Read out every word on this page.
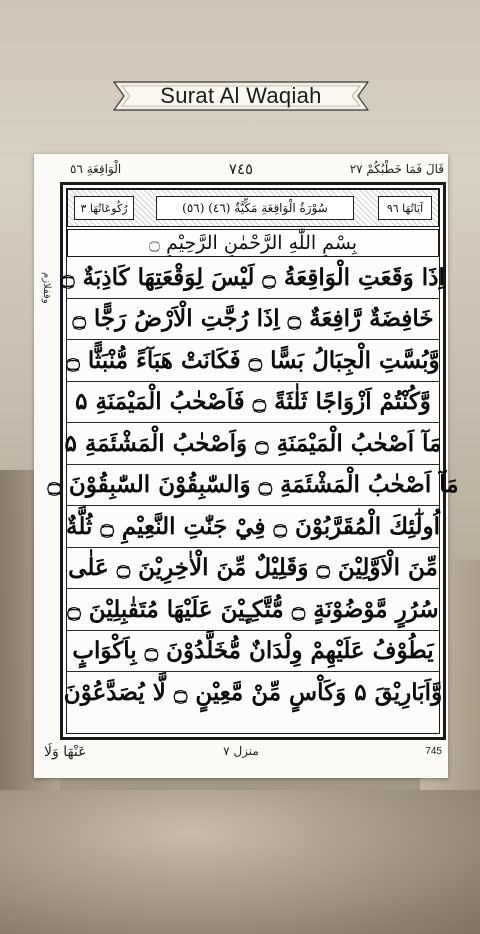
Surat Al Waqiah
الْوَاقِعَةِ ٥٦	٧٤٥	قَالَ فَمَا خَطْبُكُمْ ٢٧
وقفلازم
رُكُوعَاتُهَا ٣	(٥٦) سُوْرَةُ الْوَاقِعَةِ مَكِّيَّةٌ (٤٦)	آيَاتُهَا ٩٦
بِسْمِ اللّٰهِ الرَّحْمٰنِ الرَّحِيْمِ ۝
اِذَا وَقَعَتِ الْوَاقِعَةُ ۝ لَيْسَ لِوَقْعَتِهَا كَاذِبَةٌ ۝
خَافِضَةٌ رَّافِعَةٌ ۝ اِذَا رُجَّتِ الْاَرْضُ رَجًّا ۝
وَّبُسَّتِ الْجِبَالُ بَسًّا ۝ فَكَانَتْ هَبَآءً مُّنْبَثًّا ۝
وَّكُنْتُمْ اَزْوَاجًا ثَلٰثَةً ۝ فَاَصْحٰبُ الْمَيْمَنَةِ ۵
مَآ اَصْحٰبُ الْمَيْمَنَةِ ۝ وَاَصْحٰبُ الْمَشْئَمَةِ ۵
مَآ اَصْحٰبُ الْمَشْئَمَةِ ۝ وَالسّٰبِقُوْنَ السّٰبِقُوْنَ ۝
اُولٰٓئِكَ الْمُقَرَّبُوْنَ ۝ فِيْ جَنّٰتِ النَّعِيْمِ ۝ ثُلَّةٌ
مِّنَ الْاَوَّلِيْنَ ۝ وَقَلِيْلٌ مِّنَ الْاٰخِرِيْنَ ۝ عَلٰى
سُرُرٍ مَّوْضُوْنَةٍ ۝ مُّتَّكِـِٕيْنَ عَلَيْهَا مُتَقٰبِلِيْنَ ۝
يَطُوْفُ عَلَيْهِمْ وِلْدَانٌ مُّخَلَّدُوْنَ ۝ بِاَكْوَابٍ
وَّاَبَارِيْقَ ۵ وَكَاْسٍ مِّنْ مَّعِيْنٍ ۝ لَّا يُصَدَّعُوْنَ
عَنْهَا وَلَا	منزل ٧	745
